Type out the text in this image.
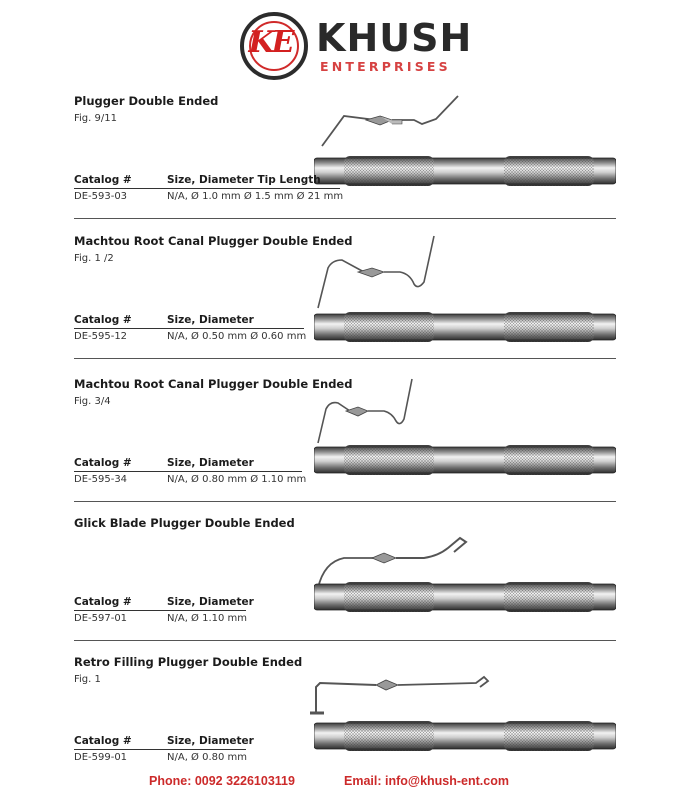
KE KHUSH
ENTERPRISES
Plugger Double Ended
Fig. 9/11
Catalog #	Size, Diameter Tip Length
DE-593-03	N/A, Ø 1.0 mm Ø 1.5 mm Ø 21 mm
Machtou Root Canal Plugger Double Ended
Fig. 1 /2
Catalog #	Size, Diameter
DE-595-12	N/A, Ø 0.50 mm Ø 0.60 mm
Machtou Root Canal Plugger Double Ended
Fig. 3/4
Catalog #	Size, Diameter
DE-595-34	N/A, Ø 0.80 mm Ø 1.10 mm
Glick Blade Plugger Double Ended
Catalog #	Size, Diameter
DE-597-01	N/A, Ø 1.10 mm
Retro Filling Plugger Double Ended
Fig. 1
Catalog #	Size, Diameter
DE-599-01	N/A, Ø 0.80 mm
Phone: 0092 3226103119	Email: info@khush-ent.com
